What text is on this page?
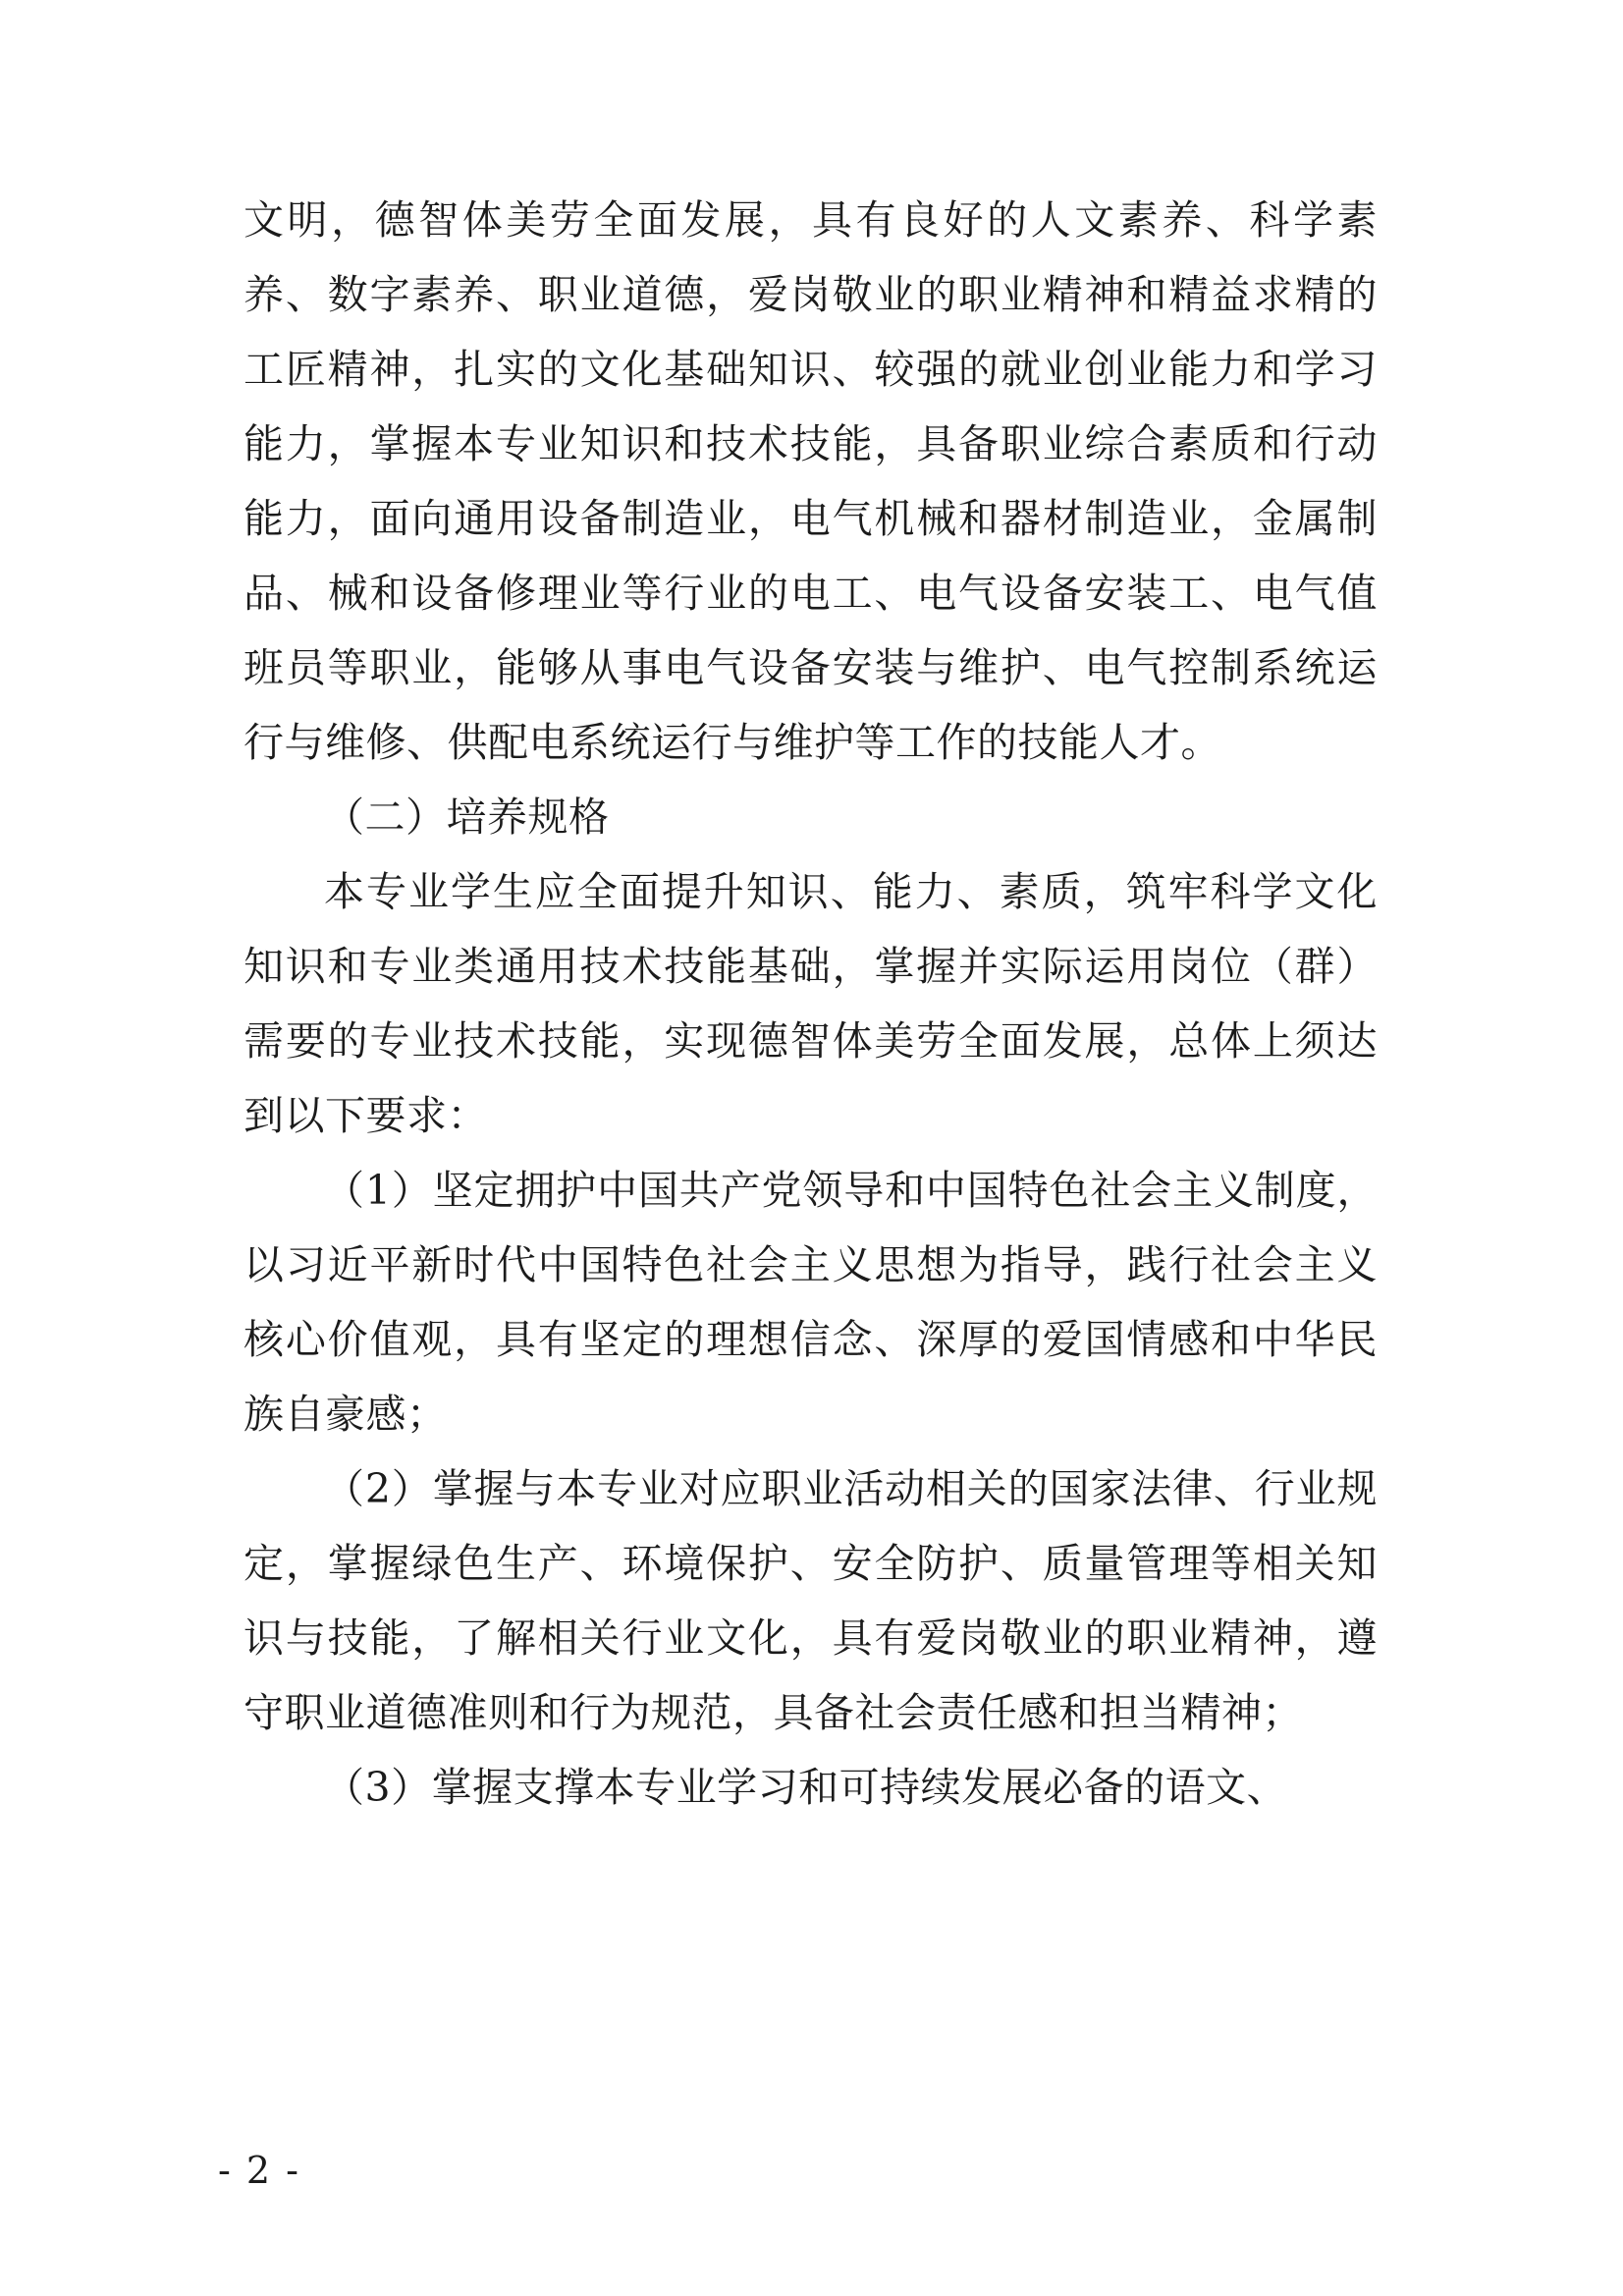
文明，德智体美劳全面发展，具有良好的人文素养、科学素养、数字素养、职业道德，爱岗敬业的职业精神和精益求精的工匠精神，扎实的文化基础知识、较强的就业创业能力和学习能力，掌握本专业知识和技术技能，具备职业综合素质和行动能力，面向通用设备制造业，电气机械和器材制造业，金属制品、械和设备修理业等行业的电工、电气设备安装工、电气值班员等职业，能够从事电气设备安装与维护、电气控制系统运行与维修、供配电系统运行与维护等工作的技能人才。

（二）培养规格

本专业学生应全面提升知识、能力、素质，筑牢科学文化知识和专业类通用技术技能基础，掌握并实际运用岗位（群）需要的专业技术技能，实现德智体美劳全面发展，总体上须达到以下要求：

（1）坚定拥护中国共产党领导和中国特色社会主义制度，以习近平新时代中国特色社会主义思想为指导，践行社会主义核心价值观，具有坚定的理想信念、深厚的爱国情感和中华民族自豪感；

（2）掌握与本专业对应职业活动相关的国家法律、行业规定，掌握绿色生产、环境保护、安全防护、质量管理等相关知识与技能，了解相关行业文化，具有爱岗敬业的职业精神，遵守职业道德准则和行为规范，具备社会责任感和担当精神；

（3）掌握支撑本专业学习和可持续发展必备的语文、

- 2 -
